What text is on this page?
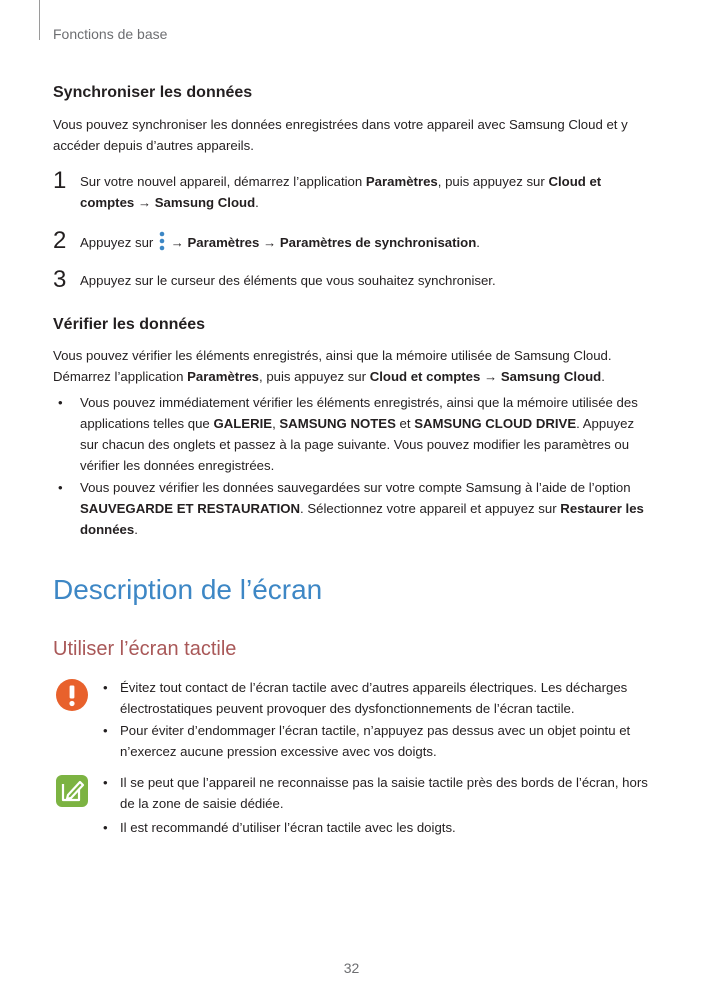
Fonctions de base
Synchroniser les données
Vous pouvez synchroniser les données enregistrées dans votre appareil avec Samsung Cloud et y accéder depuis d’autres appareils.
1 Sur votre nouvel appareil, démarrez l’application Paramètres, puis appuyez sur Cloud et comptes → Samsung Cloud.
2 Appuyez sur  → Paramètres → Paramètres de synchronisation.
3 Appuyez sur le curseur des éléments que vous souhaitez synchroniser.
Vérifier les données
Vous pouvez vérifier les éléments enregistrés, ainsi que la mémoire utilisée de Samsung Cloud. Démarrez l’application Paramètres, puis appuyez sur Cloud et comptes → Samsung Cloud.
• Vous pouvez immédiatement vérifier les éléments enregistrés, ainsi que la mémoire utilisée des applications telles que GALERIE, SAMSUNG NOTES et SAMSUNG CLOUD DRIVE. Appuyez sur chacun des onglets et passez à la page suivante. Vous pouvez modifier les paramètres ou vérifier les données enregistrées.
• Vous pouvez vérifier les données sauvegardées sur votre compte Samsung à l’aide de l’option SAUVEGARDE ET RESTAURATION. Sélectionnez votre appareil et appuyez sur Restaurer les données.
Description de l’écran
Utiliser l’écran tactile
• Évitez tout contact de l’écran tactile avec d’autres appareils électriques. Les décharges électrostatiques peuvent provoquer des dysfonctionnements de l’écran tactile.
• Pour éviter d’endommager l’écran tactile, n’appuyez pas dessus avec un objet pointu et n’exercez aucune pression excessive avec vos doigts.
• Il se peut que l’appareil ne reconnaisse pas la saisie tactile près des bords de l’écran, hors de la zone de saisie dédiée.
• Il est recommandé d’utiliser l’écran tactile avec les doigts.
32
